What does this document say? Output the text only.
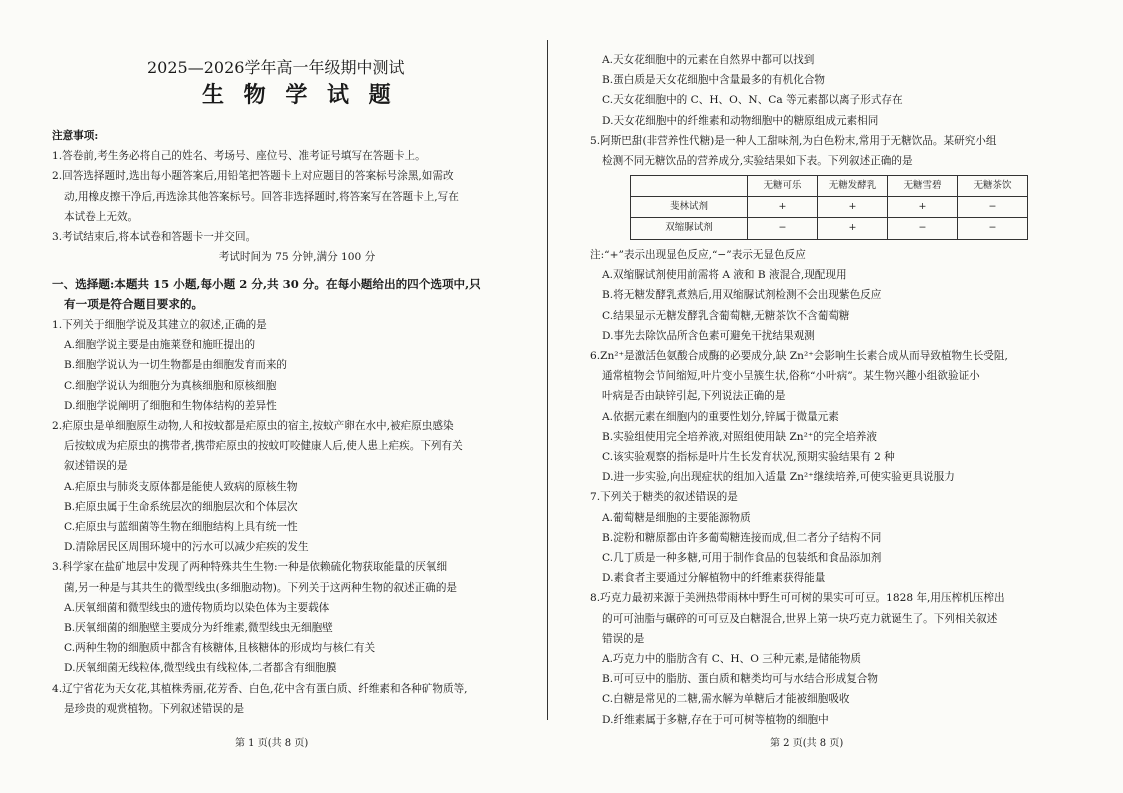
2025—2026学年高一年级期中测试
生 物 学 试 题

注意事项:

1.答卷前,考生务必将自己的姓名、考场号、座位号、准考证号填写在答题卡上。

2.回答选择题时,选出每小题答案后,用铅笔把答题卡上对应题目的答案标号涂黑,如需改

动,用橡皮擦干净后,再选涂其他答案标号。回答非选择题时,将答案写在答题卡上,写在

本试卷上无效。

3.考试结束后,将本试卷和答题卡一并交回。

考试时间为 75 分钟,满分 100 分

一、选择题:本题共 15 小题,每小题 2 分,共 30 分。在每小题给出的四个选项中,只

有一项是符合题目要求的。

1.下列关于细胞学说及其建立的叙述,正确的是

A.细胞学说主要是由施莱登和施旺提出的

B.细胞学说认为一切生物都是由细胞发育而来的

C.细胞学说认为细胞分为真核细胞和原核细胞

D.细胞学说阐明了细胞和生物体结构的差异性

2.疟原虫是单细胞原生动物,人和按蚊都是疟原虫的宿主,按蚊产卵在水中,被疟原虫感染

后按蚊成为疟原虫的携带者,携带疟原虫的按蚊叮咬健康人后,使人患上疟疾。下列有关

叙述错误的是

A.疟原虫与肺炎支原体都是能使人致病的原核生物

B.疟原虫属于生命系统层次的细胞层次和个体层次

C.疟原虫与蓝细菌等生物在细胞结构上具有统一性

D.清除居民区周围环境中的污水可以减少疟疾的发生

3.科学家在盐矿地层中发现了两种特殊共生生物:一种是依赖硫化物获取能量的厌氧细

菌,另一种是与其共生的微型线虫(多细胞动物)。下列关于这两种生物的叙述正确的是

A.厌氧细菌和微型线虫的遗传物质均以染色体为主要载体

B.厌氧细菌的细胞壁主要成分为纤维素,微型线虫无细胞壁

C.两种生物的细胞质中都含有核糖体,且核糖体的形成均与核仁有关

D.厌氧细菌无线粒体,微型线虫有线粒体,二者都含有细胞膜

4.辽宁省花为天女花,其植株秀丽,花芳香、白色,花中含有蛋白质、纤维素和各种矿物质等,

是珍贵的观赏植物。下列叙述错误的是

第 1 页(共 8 页)

A.天女花细胞中的元素在自然界中都可以找到

B.蛋白质是天女花细胞中含量最多的有机化合物

C.天女花细胞中的 C、H、O、N、Ca 等元素都以离子形式存在

D.天女花细胞中的纤维素和动物细胞中的糖原组成元素相同

5.阿斯巴甜(非营养性代糖)是一种人工甜味剂,为白色粉末,常用于无糖饮品。某研究小组

检测不同无糖饮品的营养成分,实验结果如下表。下列叙述正确的是

	无糖可乐	无糖发酵乳	无糖雪碧	无糖茶饮
斐林试剂	+	+	+	−
双缩脲试剂	−	+	−	−

注:“+”表示出现显色反应,“−”表示无显色反应

A.双缩脲试剂使用前需将 A 液和 B 液混合,现配现用

B.将无糖发酵乳煮熟后,用双缩脲试剂检测不会出现紫色反应

C.结果显示无糖发酵乳含葡萄糖,无糖茶饮不含葡萄糖

D.事先去除饮品所含色素可避免干扰结果观测

6.Zn²⁺是激活色氨酸合成酶的必要成分,缺 Zn²⁺会影响生长素合成从而导致植物生长受阻,

通常植物会节间缩短,叶片变小呈簇生状,俗称“小叶病”。某生物兴趣小组欲验证小

叶病是否由缺锌引起,下列说法正确的是

A.依据元素在细胞内的重要性划分,锌属于微量元素

B.实验组使用完全培养液,对照组使用缺 Zn²⁺的完全培养液

C.该实验观察的指标是叶片生长发育状况,预期实验结果有 2 种

D.进一步实验,向出现症状的组加入适量 Zn²⁺继续培养,可使实验更具说服力

7.下列关于糖类的叙述错误的是

A.葡萄糖是细胞的主要能源物质

B.淀粉和糖原都由许多葡萄糖连接而成,但二者分子结构不同

C.几丁质是一种多糖,可用于制作食品的包装纸和食品添加剂

D.素食者主要通过分解植物中的纤维素获得能量

8.巧克力最初来源于美洲热带雨林中野生可可树的果实可可豆。1828 年,用压榨机压榨出

的可可油脂与碾碎的可可豆及白糖混合,世界上第一块巧克力就诞生了。下列相关叙述

错误的是

A.巧克力中的脂肪含有 C、H、O 三种元素,是储能物质

B.可可豆中的脂肪、蛋白质和糖类均可与水结合形成复合物

C.白糖是常见的二糖,需水解为单糖后才能被细胞吸收

D.纤维素属于多糖,存在于可可树等植物的细胞中

第 2 页(共 8 页)
